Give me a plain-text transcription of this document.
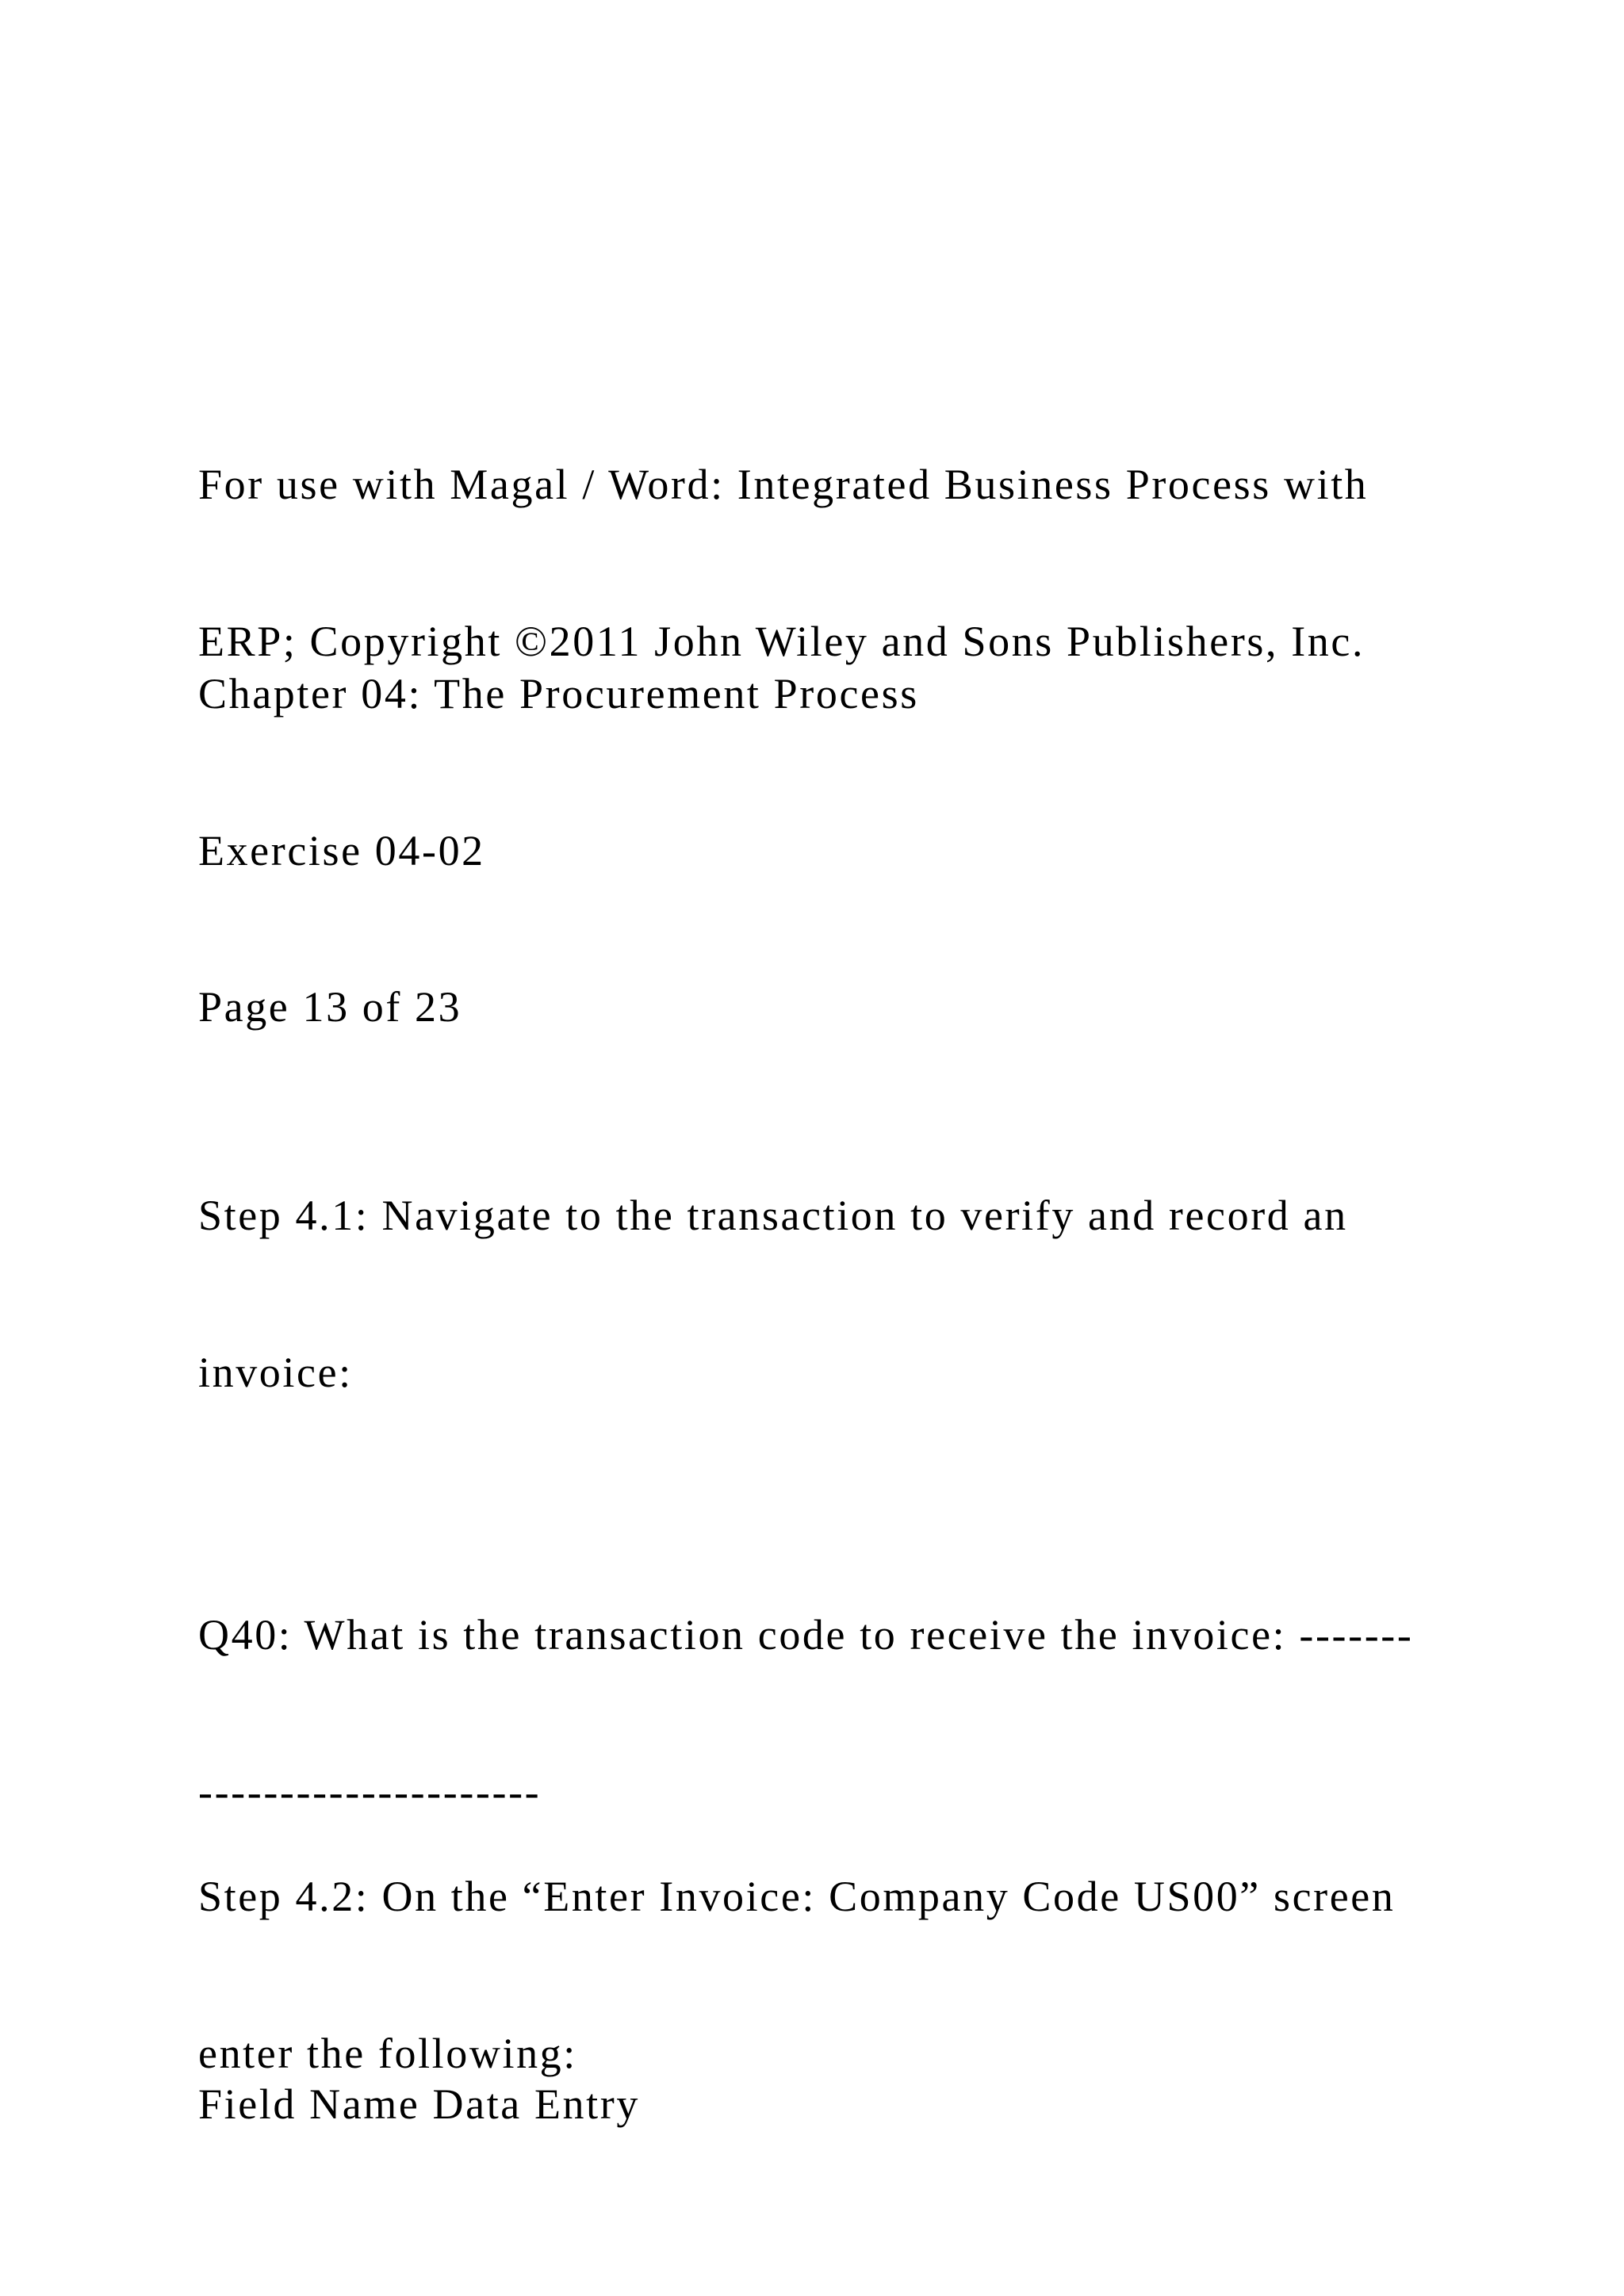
For use with Magal / Word: Integrated Business Process with

ERP; Copyright ©2011 John Wiley and Sons Publishers, Inc.

Chapter 04: The Procurement Process

Exercise 04-02

Page 13 of 23

Step 4.1: Navigate to the transaction to verify and record an

invoice:

Q40: What is the transaction code to receive the invoice: -------

---------------------

Step 4.2: On the “Enter Invoice: Company Code US00” screen

enter the following:

Field Name Data Entry
